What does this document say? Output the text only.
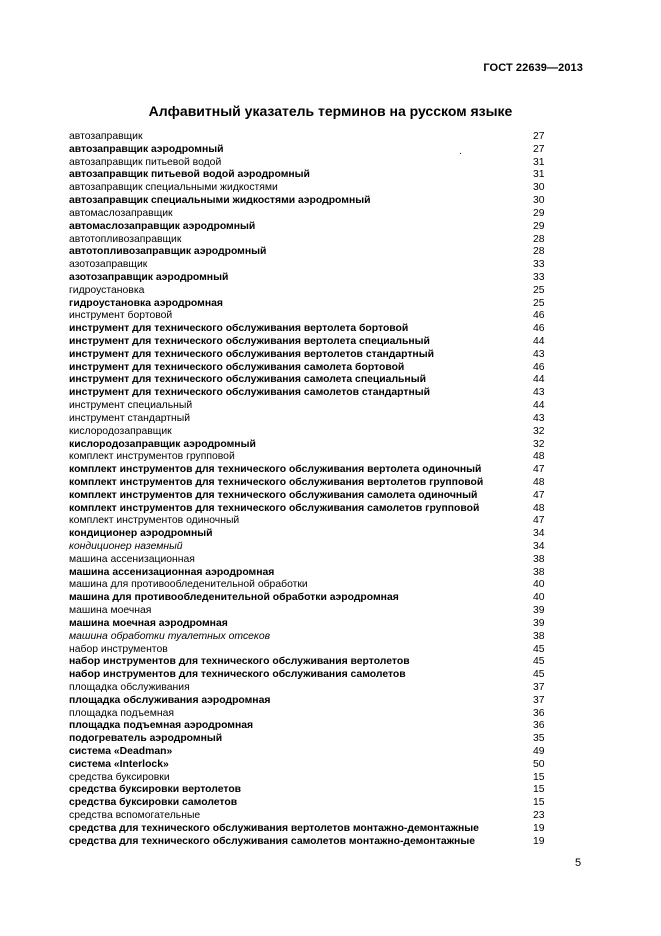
ГОСТ 22639—2013
Алфавитный указатель терминов на русском языке
.
автозаправщик	27
автозаправщик аэродромный	27
автозаправщик питьевой водой	31
автозаправщик питьевой водой аэродромный	31
автозаправщик специальными жидкостями	30
автозаправщик специальными жидкостями аэродромный	30
автомаслозаправщик	29
автомаслозаправщик аэродромный	29
автотопливозаправщик	28
автотопливозаправщик аэродромный	28
азотозаправщик	33
азотозаправщик аэродромный	33
гидроустановка	25
гидроустановка аэродромная	25
инструмент бортовой	46
инструмент для технического обслуживания вертолета бортовой	46
инструмент для технического обслуживания вертолета специальный	44
инструмент для технического обслуживания вертолетов стандартный	43
инструмент для технического обслуживания самолета бортовой	46
инструмент для технического обслуживания самолета специальный	44
инструмент для технического обслуживания самолетов стандартный	43
инструмент специальный	44
инструмент стандартный	43
кислородозаправщик	32
кислородозаправщик аэродромный	32
комплект инструментов групповой	48
комплект инструментов для технического обслуживания вертолета одиночный	47
комплект инструментов для технического обслуживания вертолетов групповой	48
комплект инструментов для технического обслуживания самолета одиночный	47
комплект инструментов для технического обслуживания самолетов групповой	48
комплект инструментов одиночный	47
кондиционер аэродромный	34
кондиционер наземный	34
машина ассенизационная	38
машина ассенизационная аэродромная	38
машина для противообледенительной обработки	40
машина для противообледенительной обработки аэродромная	40
машина моечная	39
машина моечная аэродромная	39
машина обработки туалетных отсеков	38
набор инструментов	45
набор инструментов для технического обслуживания вертолетов	45
набор инструментов для технического обслуживания самолетов	45
площадка обслуживания	37
площадка обслуживания аэродромная	37
площадка подъемная	36
площадка подъемная аэродромная	36
подогреватель аэродромный	35
система «Deadman»	49
система «Interlock»	50
средства буксировки	15
средства буксировки вертолетов	15
средства буксировки самолетов	15
средства вспомогательные	23
средства для технического обслуживания вертолетов монтажно-демонтажные	19
средства для технического обслуживания самолетов монтажно-демонтажные	19
5
